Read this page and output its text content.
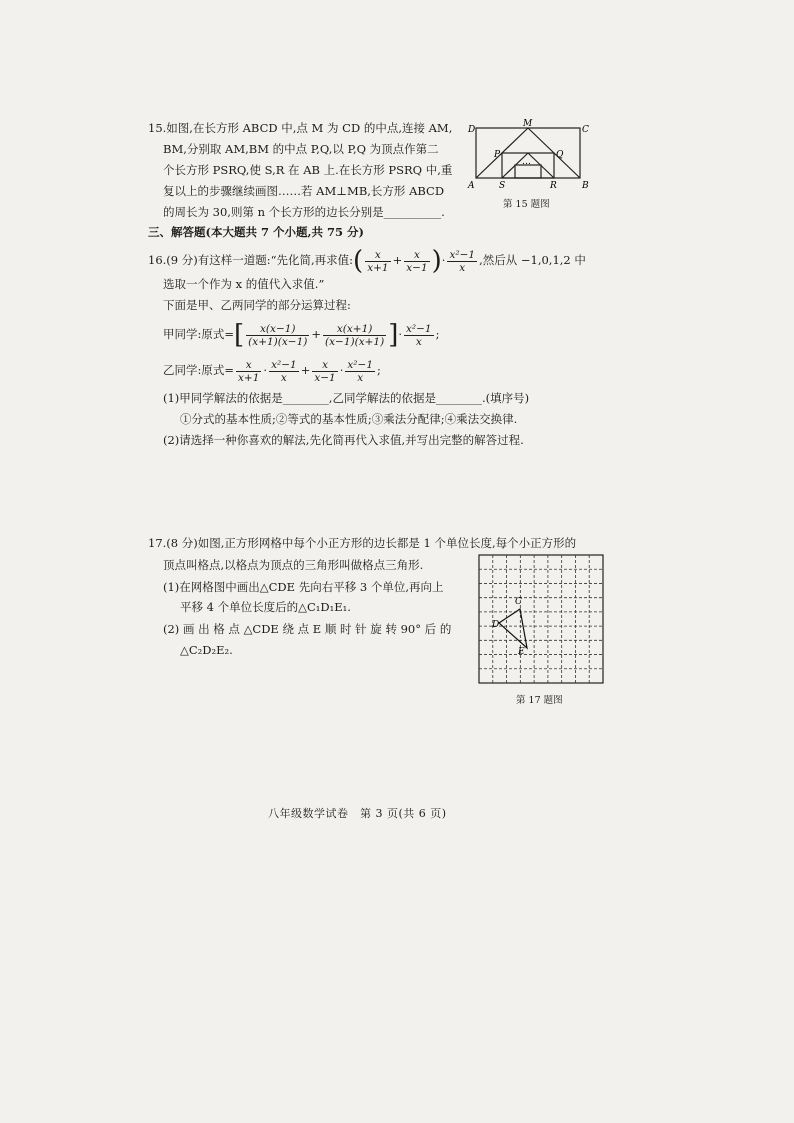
15.如图,在长方形 ABCD 中,点 M 为 CD 的中点,连接 AM,
BM,分别取 AM,BM 的中点 P,Q,以 P,Q 为顶点作第二
个长方形 PSRQ,使 S,R 在 AB 上.在长方形 PSRQ 中,重
复以上的步骤继续画图……若 AM⊥MB,长方形 ABCD
的周长为 30,则第 n 个长方形的边长分别是__________.
D	C
M
P	Q
A	B
S	R
…
第 15 题图
三、解答题(本大题共 7 个小题,共 75 分)
16.(9 分)有这样一道题:“先化简,再求值:( $\frac{x}{x+1} + \frac{x}{x-1}$ )· $\frac{\text{x²−1}}{x}$ ,然后从 −1,0,1,2 中
选取一个作为 x 的值代入求值.”
下面是甲、乙两同学的部分运算过程:
甲同学:原式=[ $\frac{x(x-1)}{(x+1)(x-1)} + \frac{x(x+1)}{(x-1)(x+1)}$ ]· $\frac{\text{x²−1}}{x}$ ;
乙同学:原式= $\frac{x}{x+1} \cdot \frac{\text{x²−1}}{x} + \frac{x}{x-1} \cdot \frac{\text{x²−1}}{x}$ ;
(1)甲同学解法的依据是________,乙同学解法的依据是________.(填序号)
①分式的基本性质;②等式的基本性质;③乘法分配律;④乘法交换律.
(2)请选择一种你喜欢的解法,先化简再代入求值,并写出完整的解答过程.
17.(8 分)如图,正方形网格中每个小正方形的边长都是 1 个单位长度,每个小正方形的
顶点叫格点,以格点为顶点的三角形叫做格点三角形.
(1)在网格图中画出△CDE 先向右平移 3 个单位,再向上
平移 4 个单位长度后的△C₁D₁E₁.
(2) 画 出 格 点 △CDE 绕 点 E 顺 时 针 旋 转 90° 后 的
△C₂D₂E₂.
C
D
E
第 17 题图
八年级数学试卷　第 3 页(共 6 页)
